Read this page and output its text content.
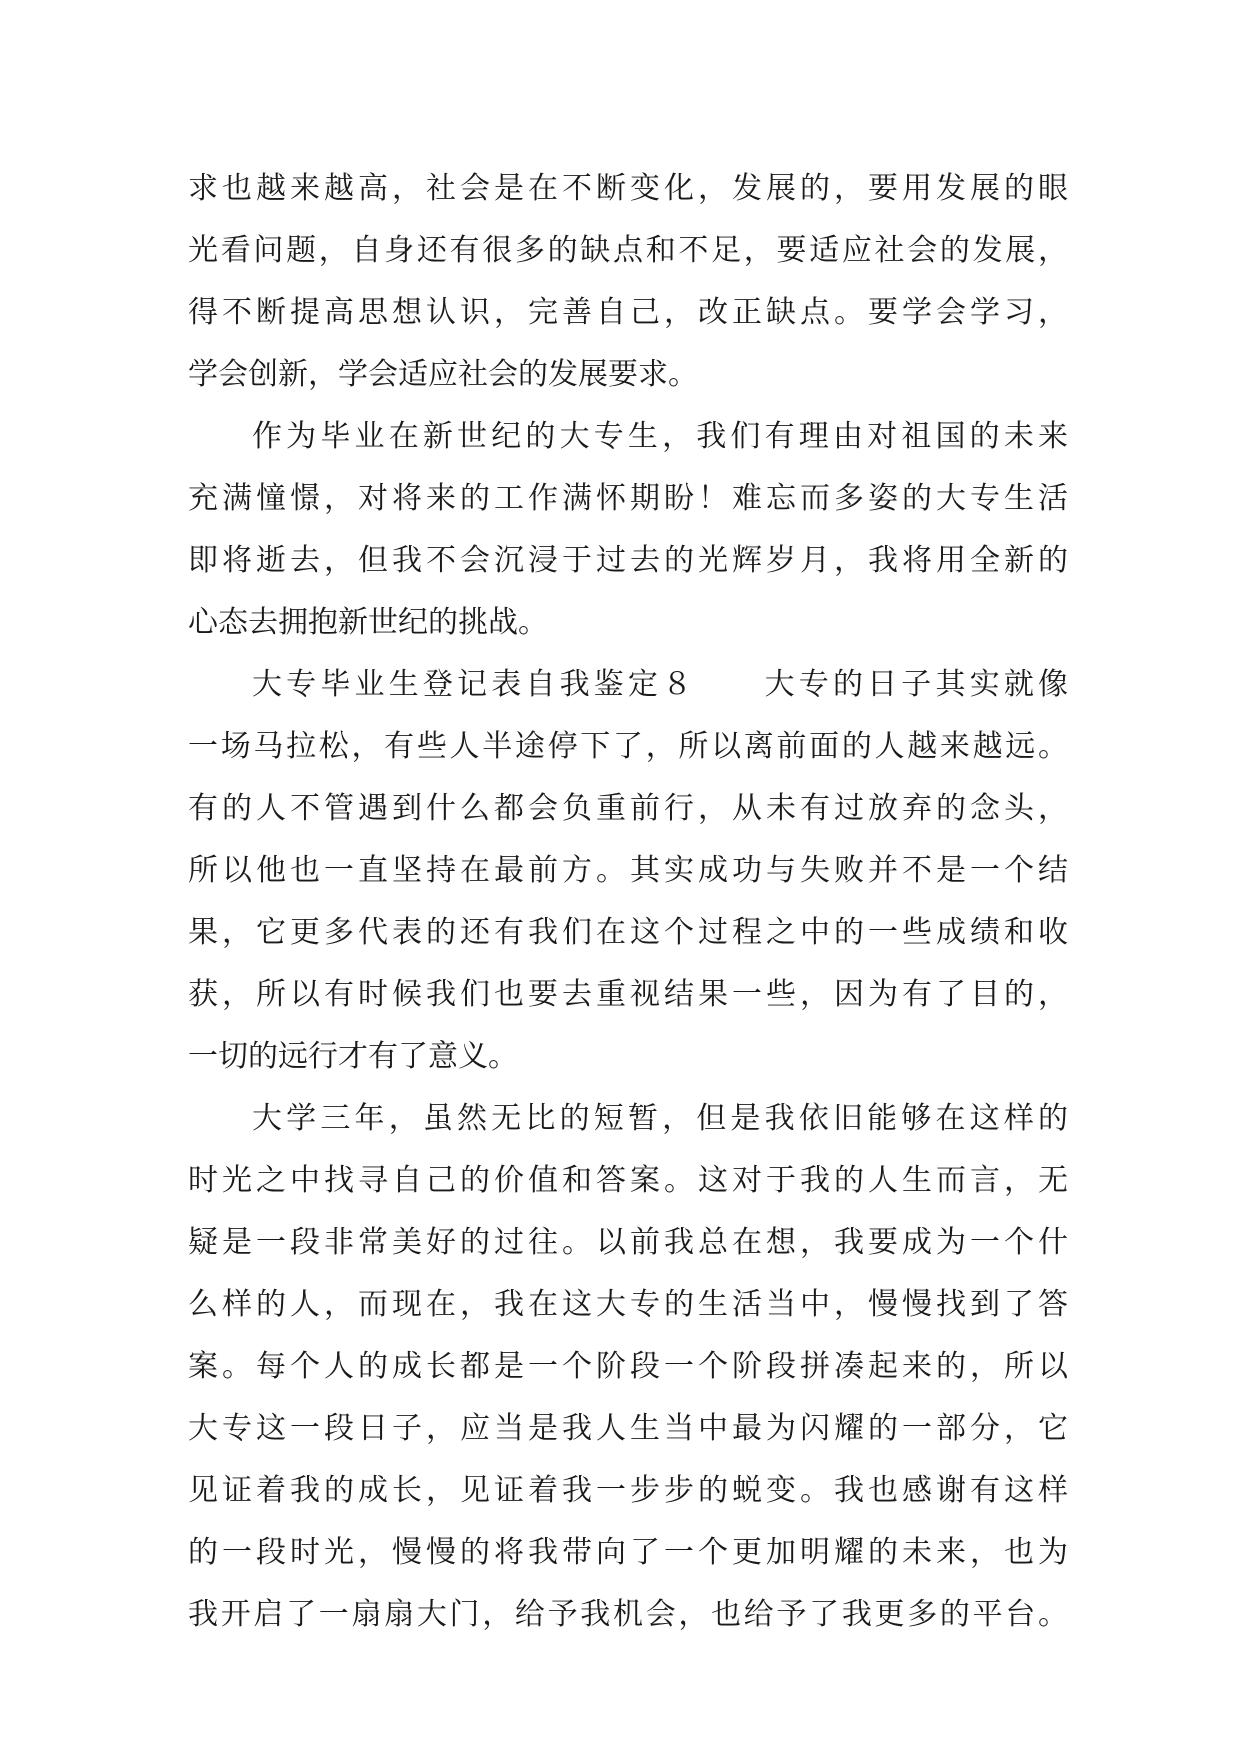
求也越来越高，社会是在不断变化，发展的，要用发展的眼
光看问题，自身还有很多的缺点和不足，要适应社会的发展，
得不断提高思想认识，完善自己，改正缺点。要学会学习，
学会创新，学会适应社会的发展要求。
作为毕业在新世纪的大专生，我们有理由对祖国的未来
充满憧憬，对将来的工作满怀期盼！难忘而多姿的大专生活
即将逝去，但我不会沉浸于过去的光辉岁月，我将用全新的
心态去拥抱新世纪的挑战。
大专毕业生登记表自我鉴定８　　大专的日子其实就像
一场马拉松，有些人半途停下了，所以离前面的人越来越远。
有的人不管遇到什么都会负重前行，从未有过放弃的念头，
所以他也一直坚持在最前方。其实成功与失败并不是一个结
果，它更多代表的还有我们在这个过程之中的一些成绩和收
获，所以有时候我们也要去重视结果一些，因为有了目的，
一切的远行才有了意义。
大学三年，虽然无比的短暂，但是我依旧能够在这样的
时光之中找寻自己的价值和答案。这对于我的人生而言，无
疑是一段非常美好的过往。以前我总在想，我要成为一个什
么样的人，而现在，我在这大专的生活当中，慢慢找到了答
案。每个人的成长都是一个阶段一个阶段拼凑起来的，所以
大专这一段日子，应当是我人生当中最为闪耀的一部分，它
见证着我的成长，见证着我一步步的蜕变。我也感谢有这样
的一段时光，慢慢的将我带向了一个更加明耀的未来，也为
我开启了一扇扇大门，给予我机会，也给予了我更多的平台。
